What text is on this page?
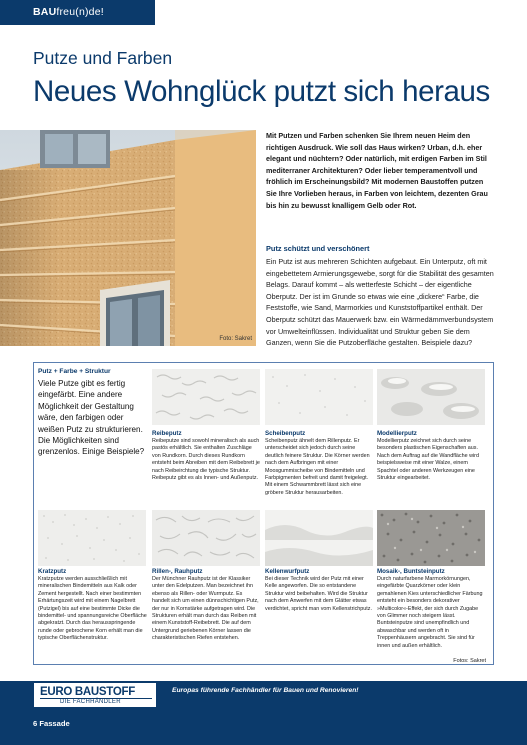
BAUfreu(n)de!
Putze und Farben
Neues Wohnglück putzt sich heraus
Foto: Sakret
Mit Putzen und Farben schenken Sie Ihrem neuen Heim den richtigen Ausdruck. Wie soll das Haus wirken? Urban, d.h. eher elegant und nüchtern? Oder natürlich, mit erdigen Farben im Stil mediterraner Architekturen? Oder lieber temperamentvoll und fröhlich im Erscheinungsbild? Mit modernen Baustoffen putzen Sie Ihre Vorlieben heraus, in Farben von leichtem, dezenten Grau bis hin zu bewusst knalligem Gelb oder Rot.
Putz schützt und verschönert
Ein Putz ist aus mehreren Schichten aufgebaut. Ein Unterputz, oft mit eingebettetem Armierungsgewebe, sorgt für die Stabilität des gesamten Belags. Darauf kommt – als wetterfeste Schicht – der eigentliche Oberputz. Der ist im Grunde so etwas wie eine „dickere“ Farbe, die Feststoffe, wie Sand, Marmorkies und Kunststoffpartikel enthält. Der Oberputz schützt das Mauerwerk bzw. ein Wärmedämmverbundsystem vor Umwelteinflüssen. Individualität und Struktur geben Sie dem Ganzen, wenn Sie die Putzoberfläche gestalten. Beispiele dazu?
Putz + Farbe + Struktur
Viele Putze gibt es fertig eingefärbt. Eine andere Möglichkeit der Gestaltung wäre, den farbigen oder weißen Putz zu strukturieren. Die Möglichkeiten sind grenzenlos. Einige Beispiele?
Reibeputz
Reibeputze sind sowohl mineralisch als auch pastös erhältlich. Sie enthalten Zuschläge von Rundkorn. Durch dieses Rundkorn entsteht beim Abreiben mit dem Reibebrett je nach Reibeirchtung die typische Struktur. Reibeputz gibt es als Innen- und Außenputz.
Scheibenputz
Scheibenputz ähnelt dem Rillenputz. Er unterscheidet sich jedoch durch seine deutlich feinere Struktur. Die Körner werden nach dem Aufbringen mit einer Moosgummischeibe von Bindemitteln und Farbpigmenten befreit und damit freigelegt. Mit einem Schwammbrett lässt sich eine gröbere Struktur herausarbeiten.
Modellierputz
Modellierputz zeichnet sich durch seine besonders plastischen Eigenschaften aus. Nach dem Auftrag auf die Wandfläche wird beispielsweise mit einer Walze, einem Spachtel oder anderen Werkzeugen eine Struktur eingearbeitet.
Kratzputz
Kratzputze werden ausschließlich mit mineralischen Bindemitteln aus Kalk oder Zement hergestellt. Nach einer bestimmten Erhärtungszeit wird mit einem Nagelbrett (Putzigel) bis auf eine bestimmte Dicke die bindemittel- und spannungsreiche Oberfläche abgekratzt. Durch das herausspringende runde oder gebrochene Korn erhält man die typische Oberflächenstruktur.
Rillen-, Rauhputz
Der Münchner Rauhputz ist der Klassiker unter den Edelputzen. Man bezeichnet ihn ebenso als Rillen- oder Wurmputz. Es handelt sich um einen dünnschichtigen Putz, der nur in Kornstärke aufgetragen wird. Die Strukturen erhält man durch das Reiben mit einem Kunststoff-Reibebrett. Die auf dem Untergrund geriebenen Körner lassen die charakteristischen Riefen entstehen.
Kellenwurfputz
Bei dieser Technik wird der Putz mit einer Kelle angeworfen. Die so entstandene Struktur wird beibehalten. Wird die Struktur nach dem Anwerfen mit dem Glätter etwas verdichtet, spricht man vom Kellenstrichputz.
Mosaik-, Buntsteinputz
Durch naturfarbene Marmorkörnungen, eingefärbte Quarzkörner oder klein gemahlenen Kies unterschiedlicher Färbung entsteht ein besonders dekorativer »Multicolor«-Effekt, der sich durch Zugabe von Glimmer noch steigern lässt. Buntsteinputze sind unempfindlich und abwaschbar und werden oft in Treppenhäusern angebracht. Sie sind für innen und außen erhältlich.
Fotos: Sakret
EURO BAUSTOFF
DIE FACHHÄNDLER
Europas führende Fachhändler für Bauen und Renovieren!
6 Fassade
